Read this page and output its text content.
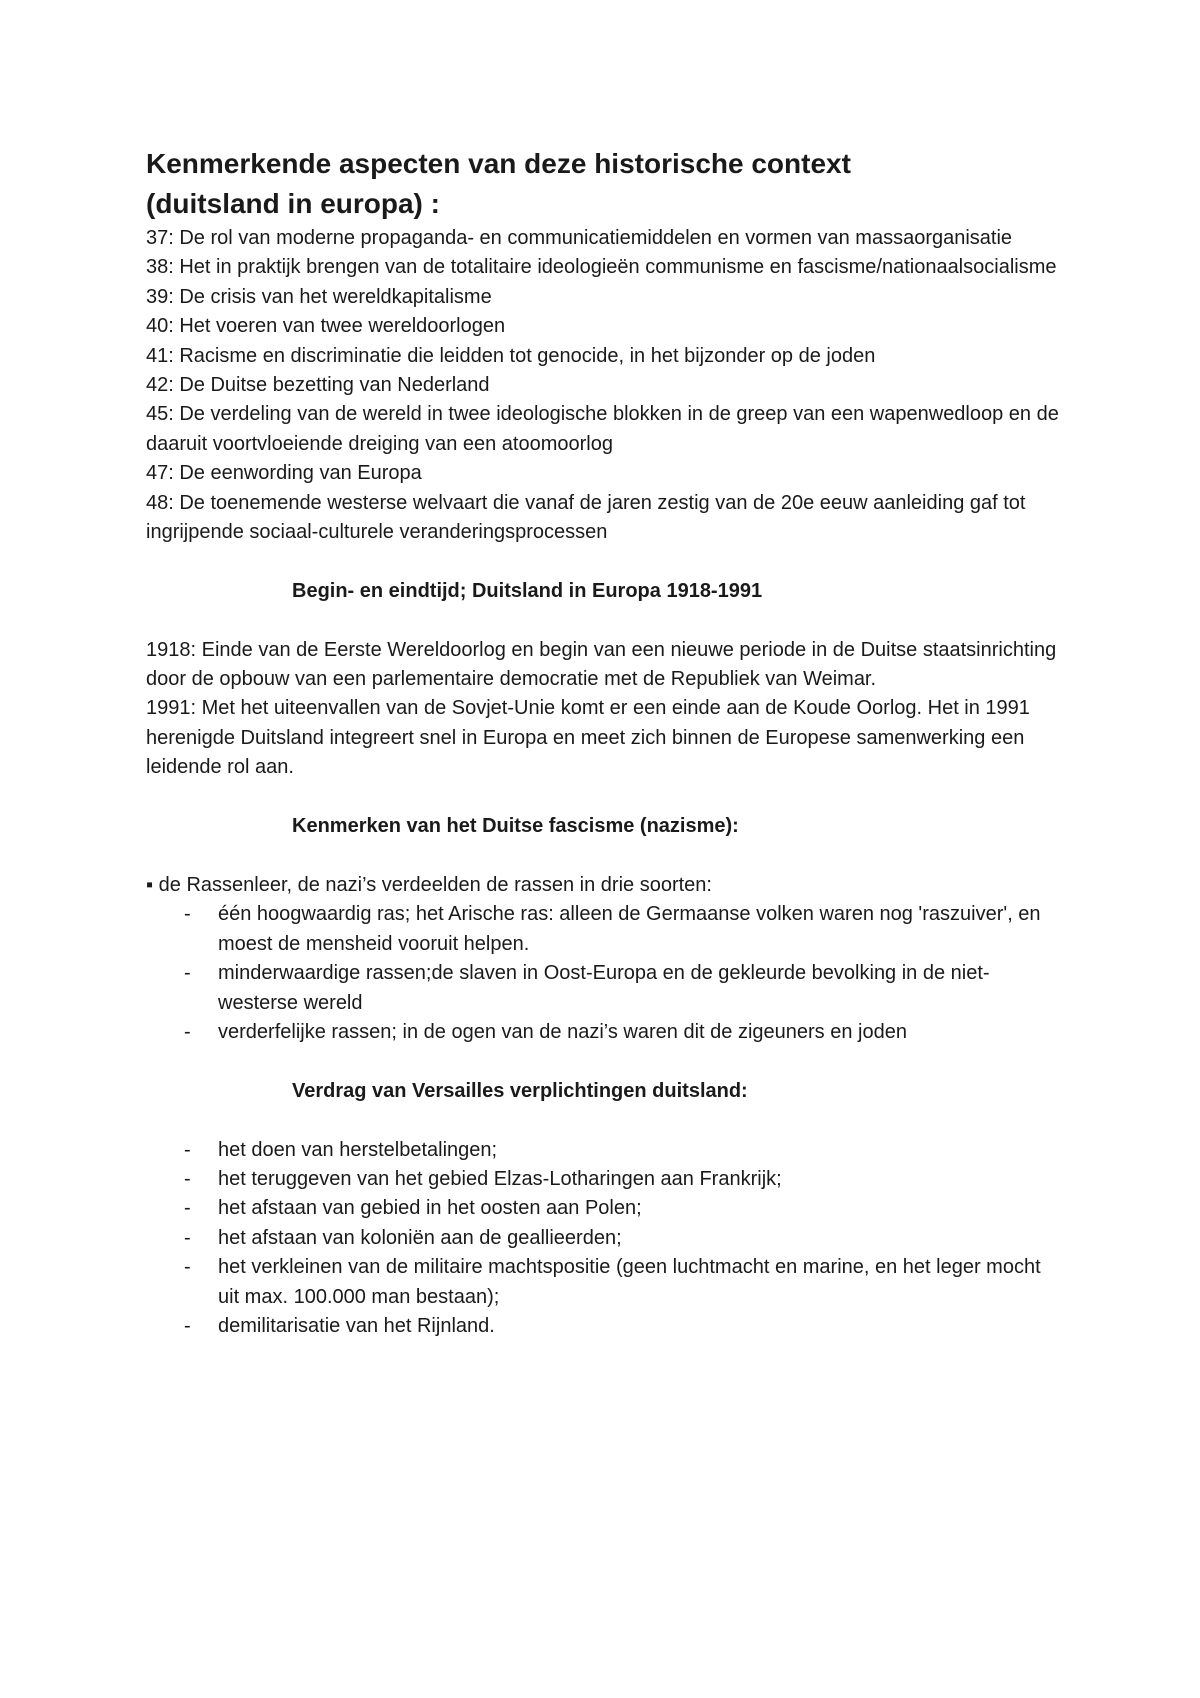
Kenmerkende aspecten van deze historische context (duitsland in europa) :

37: De rol van moderne propaganda- en communicatiemiddelen en vormen van massaorganisatie

38: Het in praktijk brengen van de totalitaire ideologieën communisme en fascisme/nationaalsocialisme

39: De crisis van het wereldkapitalisme

40: Het voeren van twee wereldoorlogen

41: Racisme en discriminatie die leidden tot genocide, in het bijzonder op de joden

42: De Duitse bezetting van Nederland

45: De verdeling van de wereld in twee ideologische blokken in de greep van een wapenwedloop en de daaruit voortvloeiende dreiging van een atoomoorlog

47: De eenwording van Europa

48: De toenemende westerse welvaart die vanaf de jaren zestig van de 20e eeuw aanleiding gaf tot ingrijpende sociaal-culturele veranderingsprocessen

Begin- en eindtijd; Duitsland in Europa 1918-1991

1918: Einde van de Eerste Wereldoorlog en begin van een nieuwe periode in de Duitse staatsinrichting door de opbouw van een parlementaire democratie met de Republiek van Weimar.

1991: Met het uiteenvallen van de Sovjet-Unie komt er een einde aan de Koude Oorlog. Het in 1991 herenigde Duitsland integreert snel in Europa en meet zich binnen de Europese samenwerking een leidende rol aan.

Kenmerken van het Duitse fascisme (nazisme):

▪ de Rassenleer, de nazi’s verdeelden de rassen in drie soorten:

- één hoogwaardig ras; het Arische ras: alleen de Germaanse volken waren nog 'raszuiver', en moest de mensheid vooruit helpen.

- minderwaardige rassen;de slaven in Oost-Europa en de gekleurde bevolking in de niet-westerse wereld

- verderfelijke rassen; in de ogen van de nazi’s waren dit de zigeuners en joden

Verdrag van Versailles verplichtingen duitsland:

- het doen van herstelbetalingen;

- het teruggeven van het gebied Elzas-Lotharingen aan Frankrijk;

- het afstaan van gebied in het oosten aan Polen;

- het afstaan van koloniën aan de geallieerden;

- het verkleinen van de militaire machtspositie (geen luchtmacht en marine, en het leger mocht uit max. 100.000 man bestaan);

- demilitarisatie van het Rijnland.
